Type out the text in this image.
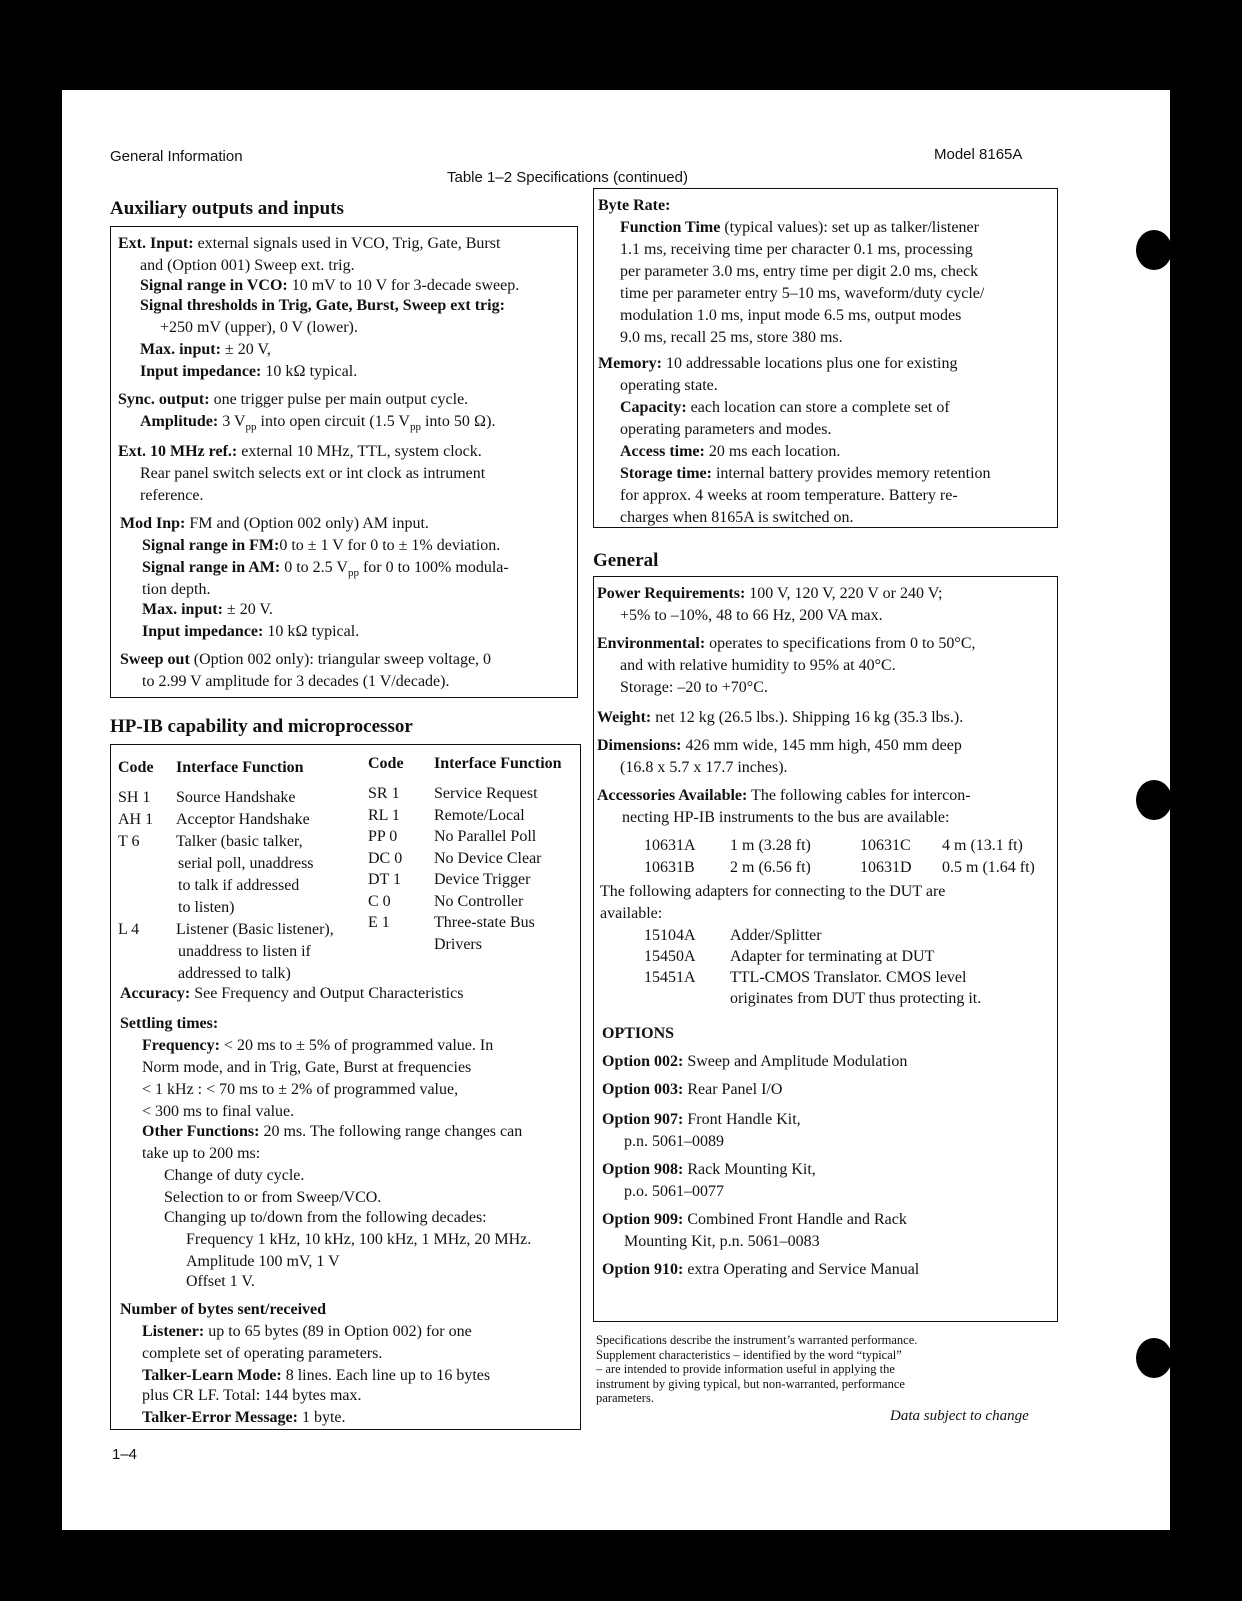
General Information	Model 8165A
Table 1–2 Specifications (continued)
Auxiliary outputs and inputs
Ext. Input: external signals used in VCO, Trig, Gate, Burst
and (Option 001) Sweep ext. trig.
Signal range in VCO: 10 mV to 10 V for 3-decade sweep.
Signal thresholds in Trig, Gate, Burst, Sweep ext trig:
+250 mV (upper), 0 V (lower).
Max. input: ± 20 V,
Input impedance: 10 kΩ typical.
Sync. output: one trigger pulse per main output cycle.
Amplitude: 3 $V_{pp}$ into open circuit (1.5 $V_{pp}$ into 50 Ω).
Ext. 10 MHz ref.: external 10 MHz, TTL, system clock.
Rear panel switch selects ext or int clock as intrument
reference.
Mod Inp: FM and (Option 002 only) AM input.
Signal range in FM:0 to ± 1 V for 0 to ± 1% deviation.
Signal range in AM: 0 to 2.5 $V_{pp}$ for 0 to 100% modula-
tion depth.
Max. input: ± 20 V.
Input impedance: 10 kΩ typical.
Sweep out (Option 002 only): triangular sweep voltage, 0
to 2.99 V amplitude for 3 decades (1 V/decade).
HP-IB capability and microprocessor
Code Interface Function	Code Interface Function
SH 1 Source Handshake
AH 1 Acceptor Handshake
T 6 Talker (basic talker,
serial poll, unaddress
to talk if addressed
to listen)
L 4 Listener (Basic listener),
unaddress to listen if
addressed to talk)
SR 1 Service Request
RL 1 Remote/Local
PP 0 No Parallel Poll
DC 0 No Device Clear
DT 1 Device Trigger
C 0	No Controller
E 1	Three-state Bus
Drivers
Accuracy: See Frequency and Output Characteristics
Settling times:
Frequency: < 20 ms to ± 5% of programmed value. In
Norm mode, and in Trig, Gate, Burst at frequencies
< 1 kHz : < 70 ms to ± 2% of programmed value,
< 300 ms to final value.
Other Functions: 20 ms. The following range changes can
take up to 200 ms:
Change of duty cycle.
Selection to or from Sweep/VCO.
Changing up to/down from the following decades:
Frequency 1 kHz, 10 kHz, 100 kHz, 1 MHz, 20 MHz.
Amplitude 100 mV, 1 V
Offset 1 V.
Number of bytes sent/received
Listener: up to 65 bytes (89 in Option 002) for one
complete set of operating parameters.
Talker-Learn Mode: 8 lines. Each line up to 16 bytes
plus CR LF. Total: 144 bytes max.
Talker-Error Message: 1 byte.
Byte Rate:
Function Time (typical values): set up as talker/listener
1.1 ms, receiving time per character 0.1 ms, processing
per parameter 3.0 ms, entry time per digit 2.0 ms, check
time per parameter entry 5–10 ms, waveform/duty cycle/
modulation 1.0 ms, input mode 6.5 ms, output modes
9.0 ms, recall 25 ms, store 380 ms.
Memory: 10 addressable locations plus one for existing
operating state.
Capacity: each location can store a complete set of
operating parameters and modes.
Access time: 20 ms each location.
Storage time: internal battery provides memory retention
for approx. 4 weeks at room temperature. Battery re-
charges when 8165A is switched on.
General
Power Requirements: 100 V, 120 V, 220 V or 240 V;
+5% to –10%, 48 to 66 Hz, 200 VA max.
Environmental: operates to specifications from 0 to 50°C,
and with relative humidity to 95% at 40°C.
Storage: –20 to +70°C.
Weight: net 12 kg (26.5 lbs.). Shipping 16 kg (35.3 lbs.).
Dimensions: 426 mm wide, 145 mm high, 450 mm deep
(16.8 x 5.7 x 17.7 inches).
Accessories Available: The following cables for intercon-
necting HP-IB instruments to the bus are available:
10631A 1 m (3.28 ft)	10631C 4 m (13.1 ft)
10631B 2 m (6.56 ft)	10631D 0.5 m (1.64 ft)
The following adapters for connecting to the DUT are
available:
15104A Adder/Splitter
15450A Adapter for terminating at DUT
15451A TTL-CMOS Translator. CMOS level
originates from DUT thus protecting it.
OPTIONS
Option 002: Sweep and Amplitude Modulation
Option 003: Rear Panel I/O
Option 907: Front Handle Kit,
p.n. 5061–0089
Option 908: Rack Mounting Kit,
p.o. 5061–0077
Option 909: Combined Front Handle and Rack
Mounting Kit, p.n. 5061–0083
Option 910: extra Operating and Service Manual
Specifications describe the instrument’s warranted performance.
Supplement characteristics – identified by the word “typical”
– are intended to provide information useful in applying the
instrument by giving typical, but non-warranted, performance
parameters.
Data subject to change
1–4
